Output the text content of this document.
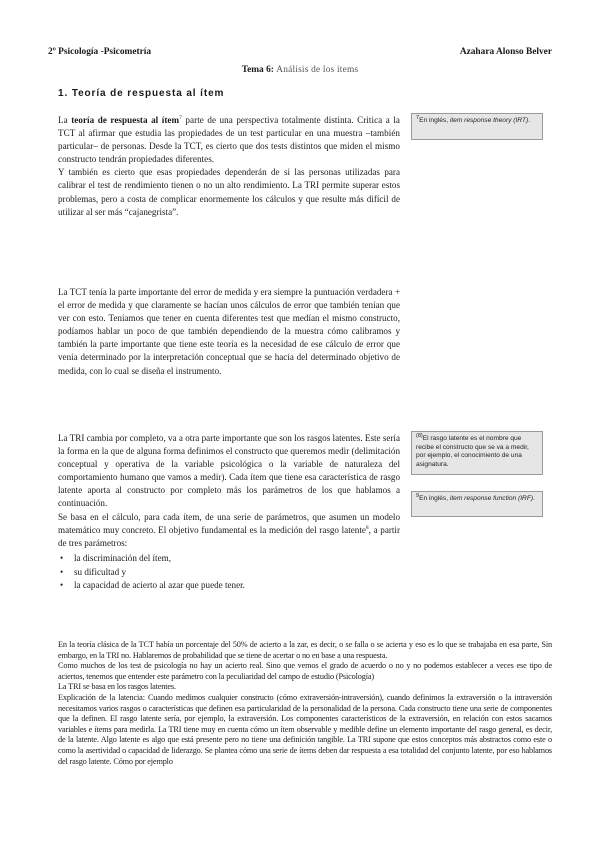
2º Psicología -Psicometría	Azahara Alonso Belver
Tema 6: Análisis de los ítems
1. Teoría de respuesta al ítem

La teoría de respuesta al ítem$^7$ parte de una perspectiva totalmente distinta. Critica a la TCT al afirmar que estudia las propiedades de un test particular en una muestra –también particular– de personas. Desde la TCT, es cierto que dos tests distintos que miden el mismo constructo tendrán propiedades diferentes.

Y también es cierto que esas propiedades dependerán de si las personas utilizadas para calibrar el test de rendimiento tienen o no un alto rendimiento. La TRI permite superar estos problemas, pero a costa de complicar enormemente los cálculos y que resulte más difícil de utilizar al ser más “cajanegrista”.

La TCT tenía la parte importante del error de medida y era siempre la puntuación verdadera + el error de medida y que claramente se hacían unos cálculos de error que también tenían que ver con esto. Teníamos que tener en cuenta diferentes test que medían el mismo constructo, podíamos hablar un poco de que también dependiendo de la muestra cómo calibramos y también la parte importante que tiene este teoría es la necesidad de ese cálculo de error que venía determinado por la interpretación conceptual que se hacía del determinado objetivo de medida, con lo cual se diseña el instrumento.

La TRI cambia por completo, va a otra parte importante que son los rasgos latentes. Este sería la forma en la que de alguna forma definimos el constructo que queremos medir (delimitación conceptual y operativa de la variable psicológica o la variable de naturaleza del comportamiento humano que vamos a medir). Cada ítem que tiene esa característica de rasgo latente aporta al constructo por completo más los parámetros de los que hablamos a continuación.

Se basa en el cálculo, para cada ítem, de una serie de parámetros, que asumen un modelo matemático muy concreto. El objetivo fundamental es la medición del rasgo latente$^8$, a partir de tres parámetros:

• la discriminación del ítem,
• su dificultad y
• la capacidad de acierto al azar que puede tener.

En la teoría clásica de la TCT había un porcentaje del 50% de acierto a la zar, es decir, o se falla o se acierta y eso es lo que se trabajaba en esa parte, Sin embargo, en la TRI no. Hablaremos de probabilidad que se tiene de acertar o no en base a una respuesta.

Como muchos de los test de psicología no hay un acierto real. Sino que vemos el grado de acuerdo o no y no podemos establecer a veces ese tipo de aciertos, tenemos que entender este parámetro con la peculiaridad del campo de estudio (Psicología)

La TRI se basa en los rasgos latentes.

Explicación de la latencia: Cuando medimos cualquier constructo (cómo extraversión-intraversión), cuando definimos la extraversión o la intraversión necesitamos varios rasgos o características que definen esa particularidad de la personalidad de la persona. Cada constructo tiene una serie de componentes que la definen. El rasgo latente sería, por ejemplo, la extraversión. Los componentes característicos de la extraversión, en relación con estos sacamos variables e ítems para medirla. La TRI tiene muy en cuenta cómo un ítem observable y medible define un elemento importante del rasgo general, es decir, de la latente. Algo latente es algo que está presente pero no tiene una definición tangible. La TRI supone que estos conceptos más abstractos como este o como la asertividad o capacidad de liderazgo. Se plantea cómo una serie de ítems deben dar respuesta a esa totalidad del conjunto latente, por eso hablamos del rasgo latente. Cómo por ejemplo

$^7$En inglés, item response theory (IRT).
$^{(8)}$El rasgo latente es el nombre que recibe el constructo que se va a medir, por ejemplo, el conocimiento de una asignatura.
$^9$En inglés, item response function (IRF).
